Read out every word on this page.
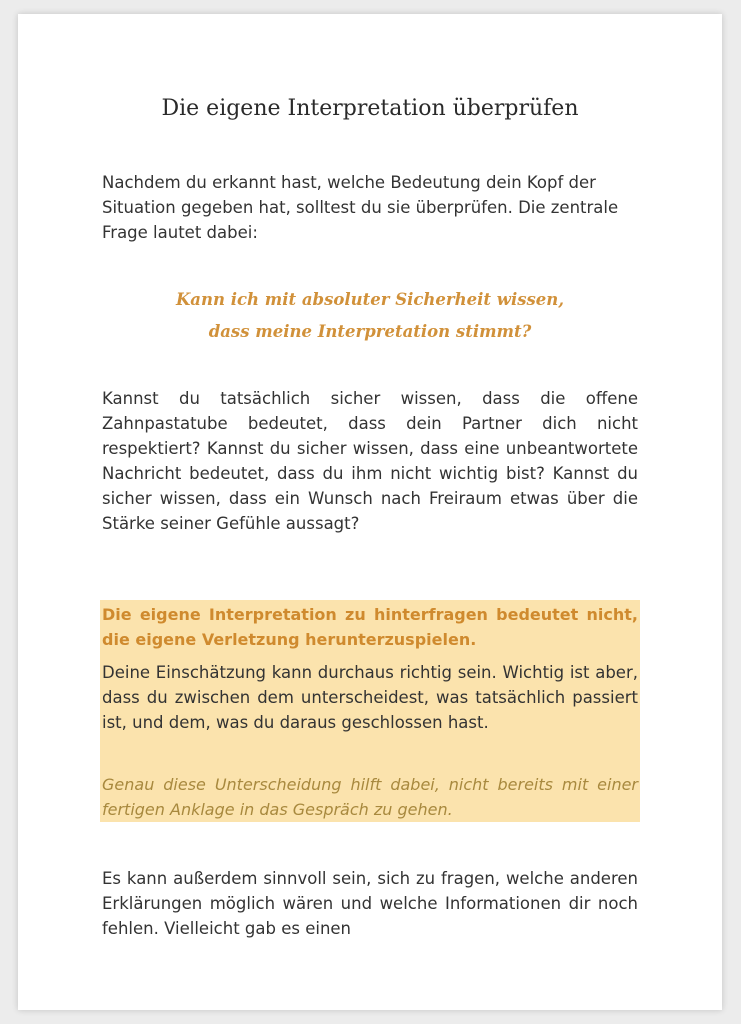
Die eigene Interpretation überprüfen

Nachdem du erkannt hast, welche Bedeutung dein Kopf der Situation gegeben hat, solltest du sie überprüfen. Die zentrale Frage lautet dabei:

Kann ich mit absoluter Sicherheit wissen,
dass meine Interpretation stimmt?

Kannst du tatsächlich sicher wissen, dass die offene Zahnpastatube bedeutet, dass dein Partner dich nicht respektiert? Kannst du sicher wissen, dass eine unbeantwortete Nachricht bedeutet, dass du ihm nicht wichtig bist? Kannst du sicher wissen, dass ein Wunsch nach Freiraum etwas über die Stärke seiner Gefühle aussagt?

Die eigene Interpretation zu hinterfragen bedeutet nicht, die eigene Verletzung herunterzuspielen.

Deine Einschätzung kann durchaus richtig sein. Wichtig ist aber, dass du zwischen dem unterscheidest, was tatsächlich passiert ist, und dem, was du daraus geschlossen hast.

Genau diese Unterscheidung hilft dabei, nicht bereits mit einer fertigen Anklage in das Gespräch zu gehen.

Es kann außerdem sinnvoll sein, sich zu fragen, welche anderen Erklärungen möglich wären und welche Informationen dir noch fehlen. Vielleicht gab es einen
